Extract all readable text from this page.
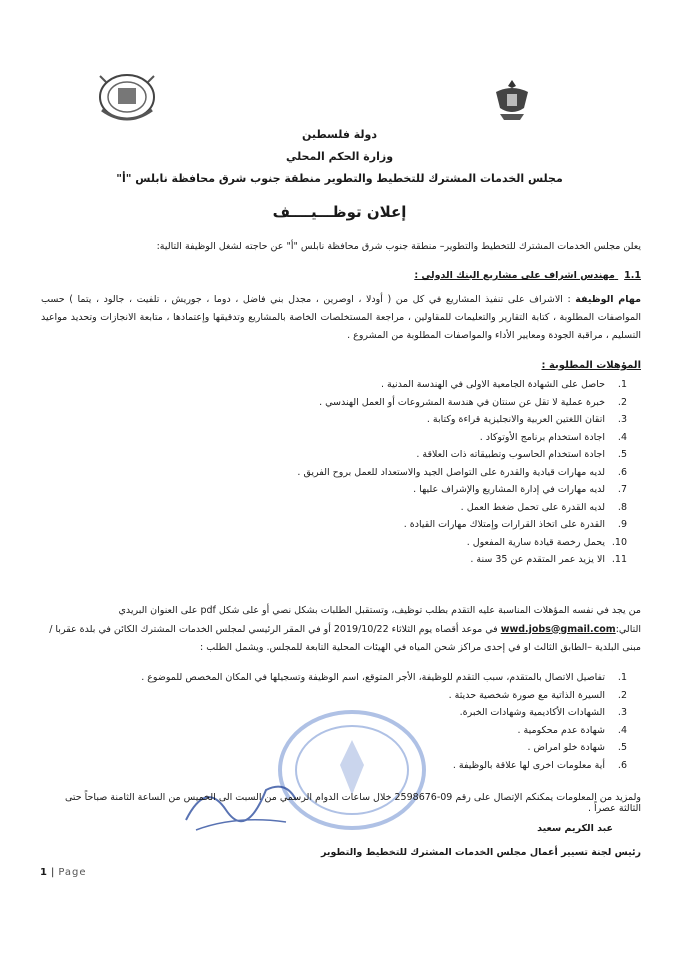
دولة فلسطين
وزارة الحكم المحلي
مجلس الخدمات المشترك للتخطيط والتطوير منطقة جنوب شرق محافظة نابلس "أ"
إعلان توظـــيــــف
يعلن مجلس الخدمات المشترك للتخطيط والتطوير– منطقة جنوب شرق محافظة نابلس "أ" عن حاجته لشغل الوظيفة التالية:
1.1 مهندس اشراف على مشاريع البنك الدولي :
مهام الوظيفة : الاشراف على تنفيذ المشاريع في كل من ( أودلا ، اوصرين ، مجدل بني فاضل ، دوما ، جوريش ، تلفيت ، جالود ، يتما ) حسب المواصفات المطلوبة ، كتابة التقارير والتعليمات للمقاولين ، مراجعة المستخلصات الخاصة بالمشاريع وتدقيقها وإعتمادها ، متابعة الانجازات وتحديد مواعيد التسليم ، مراقبة الجودة ومعايير الأداء والمواصفات المطلوبة من المشروع .
المؤهلات المطلوبة :
1.
حاصل على الشهادة الجامعية الاولى في الهندسة المدنية .
2.
خبرة عملية لا تقل عن سنتان في هندسة المشروعات أو العمل الهندسي .
3.
اتقان اللغتين العربية والانجليزية قراءة وكتابة .
4.
اجادة استخدام برنامج الأوتوكاد .
5.
اجادة استخدام الحاسوب وتطبيقاته ذات العلاقة .
6.
لديه مهارات قيادية والقدرة على التواصل الجيد والاستعداد للعمل بروح الفريق .
7.
لديه مهارات في إدارة المشاريع والإشراف عليها .
8.
لديه القدرة على تحمل ضغط العمل .
9.
القدرة على اتخاذ القرارات وإمتلاك مهارات القيادة .
10.
يحمل رخصة قيادة سارية المفعول .
11.
الا يزيد عمر المتقدم عن 35 سنة .
من يجد في نفسه المؤهلات المناسبة عليه التقدم بطلب توظيف، وتستقبل الطلبات بشكل نصي أو على شكل pdf على العنوان البريدي
التالي:wwd.jobs@gmail.com في موعد أقصاه يوم الثلاثاء 2019/10/22 أو في المقر الرئيسي لمجلس الخدمات المشترك الكائن في بلدة عقربا /
مبنى البلدية –الطابق الثالث او في إحدى مراكز شحن المياه في الهيئات المحلية التابعة للمجلس. ويشمل الطلب :
1.
تفاصيل الاتصال بالمتقدم، سبب التقدم للوظيفة، الأجر المتوقع، اسم الوظيفة وتسجيلها في المكان المخصص للموضوع .
2.
السيرة الذاتية مع صورة شخصية حديثة .
3.
الشهادات الأكاديمية وشهادات الخبرة.
4.
شهادة عدم محكومية .
5.
شهادة خلو امراض .
6.
أية معلومات اخرى لها علاقة بالوظيفة .
ولمزيد من المعلومات يمكنكم الإتصال على رقم 09-2598676 خلال ساعات الدوام الرسمي من السبت الى الخميس من الساعة الثامنة صباحاً حتى الثالثة عصراً .
عبد الكريم سعيد
رئيس لجنة تسيير أعمال مجلس الخدمات المشترك للتخطيط والتطوير
1 | Page
